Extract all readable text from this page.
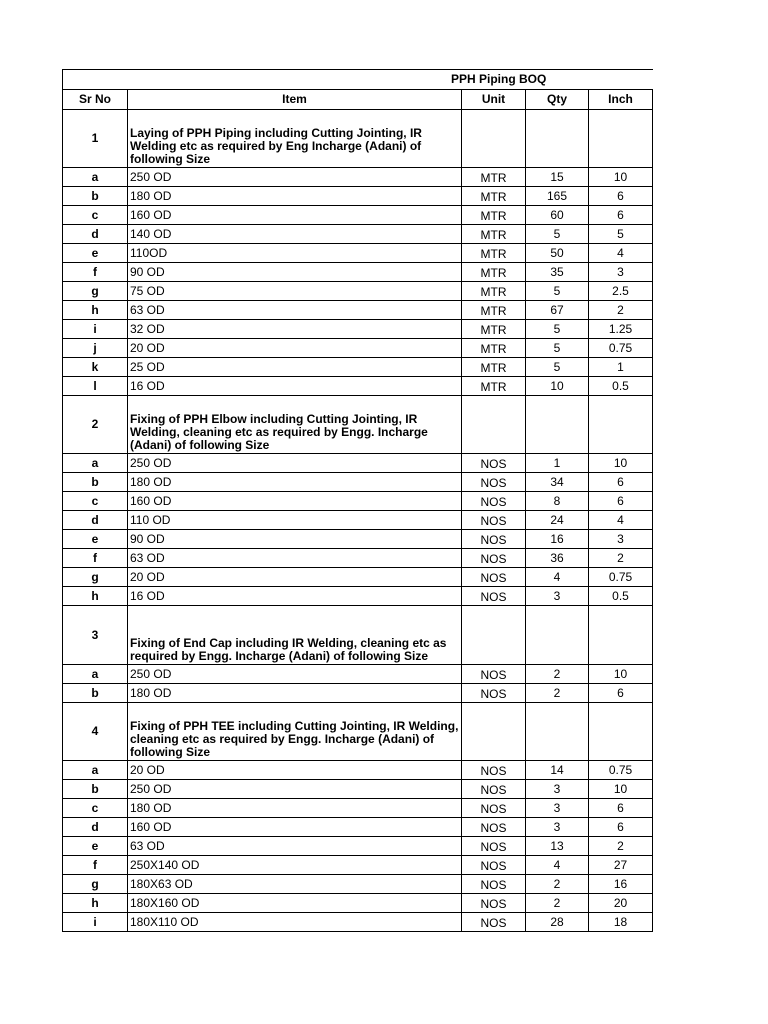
PPH Piping BOQ				

Sr No	Item	Unit	Qty	Inch
1	Laying of PPH Piping including Cutting Jointing, IR Welding etc as required by Eng Incharge (Adani) of following Size			
a	250 OD	MTR	15	10
b	180 OD	MTR	165	6
c	160 OD	MTR	60	6
d	140 OD	MTR	5	5
e	110OD	MTR	50	4
f	90 OD	MTR	35	3
g	75 OD	MTR	5	2.5
h	63 OD	MTR	67	2
i	32 OD	MTR	5	1.25
j	20 OD	MTR	5	0.75
k	25 OD	MTR	5	1
l	16 OD	MTR	10	0.5
2	Fixing of PPH Elbow including Cutting Jointing, IR Welding, cleaning etc as required by Engg. Incharge (Adani) of following Size			
a	250 OD	NOS	1	10
b	180 OD	NOS	34	6
c	160 OD	NOS	8	6
d	110 OD	NOS	24	4
e	90 OD	NOS	16	3
f	63 OD	NOS	36	2
g	20 OD	NOS	4	0.75
h	16 OD	NOS	3	0.5
3	Fixing of End Cap including IR Welding, cleaning etc as required by Engg. Incharge (Adani) of following Size			
a	250 OD	NOS	2	10
b	180 OD	NOS	2	6
4	Fixing of PPH TEE including Cutting Jointing, IR Welding, cleaning etc as required by Engg. Incharge (Adani) of following Size			
a	20 OD	NOS	14	0.75
b	250 OD	NOS	3	10
c	180 OD	NOS	3	6
d	160 OD	NOS	3	6
e	63 OD	NOS	13	2
f	250X140 OD	NOS	4	27
g	180X63 OD	NOS	2	16
h	180X160 OD	NOS	2	20
i	180X110 OD	NOS	28	18
